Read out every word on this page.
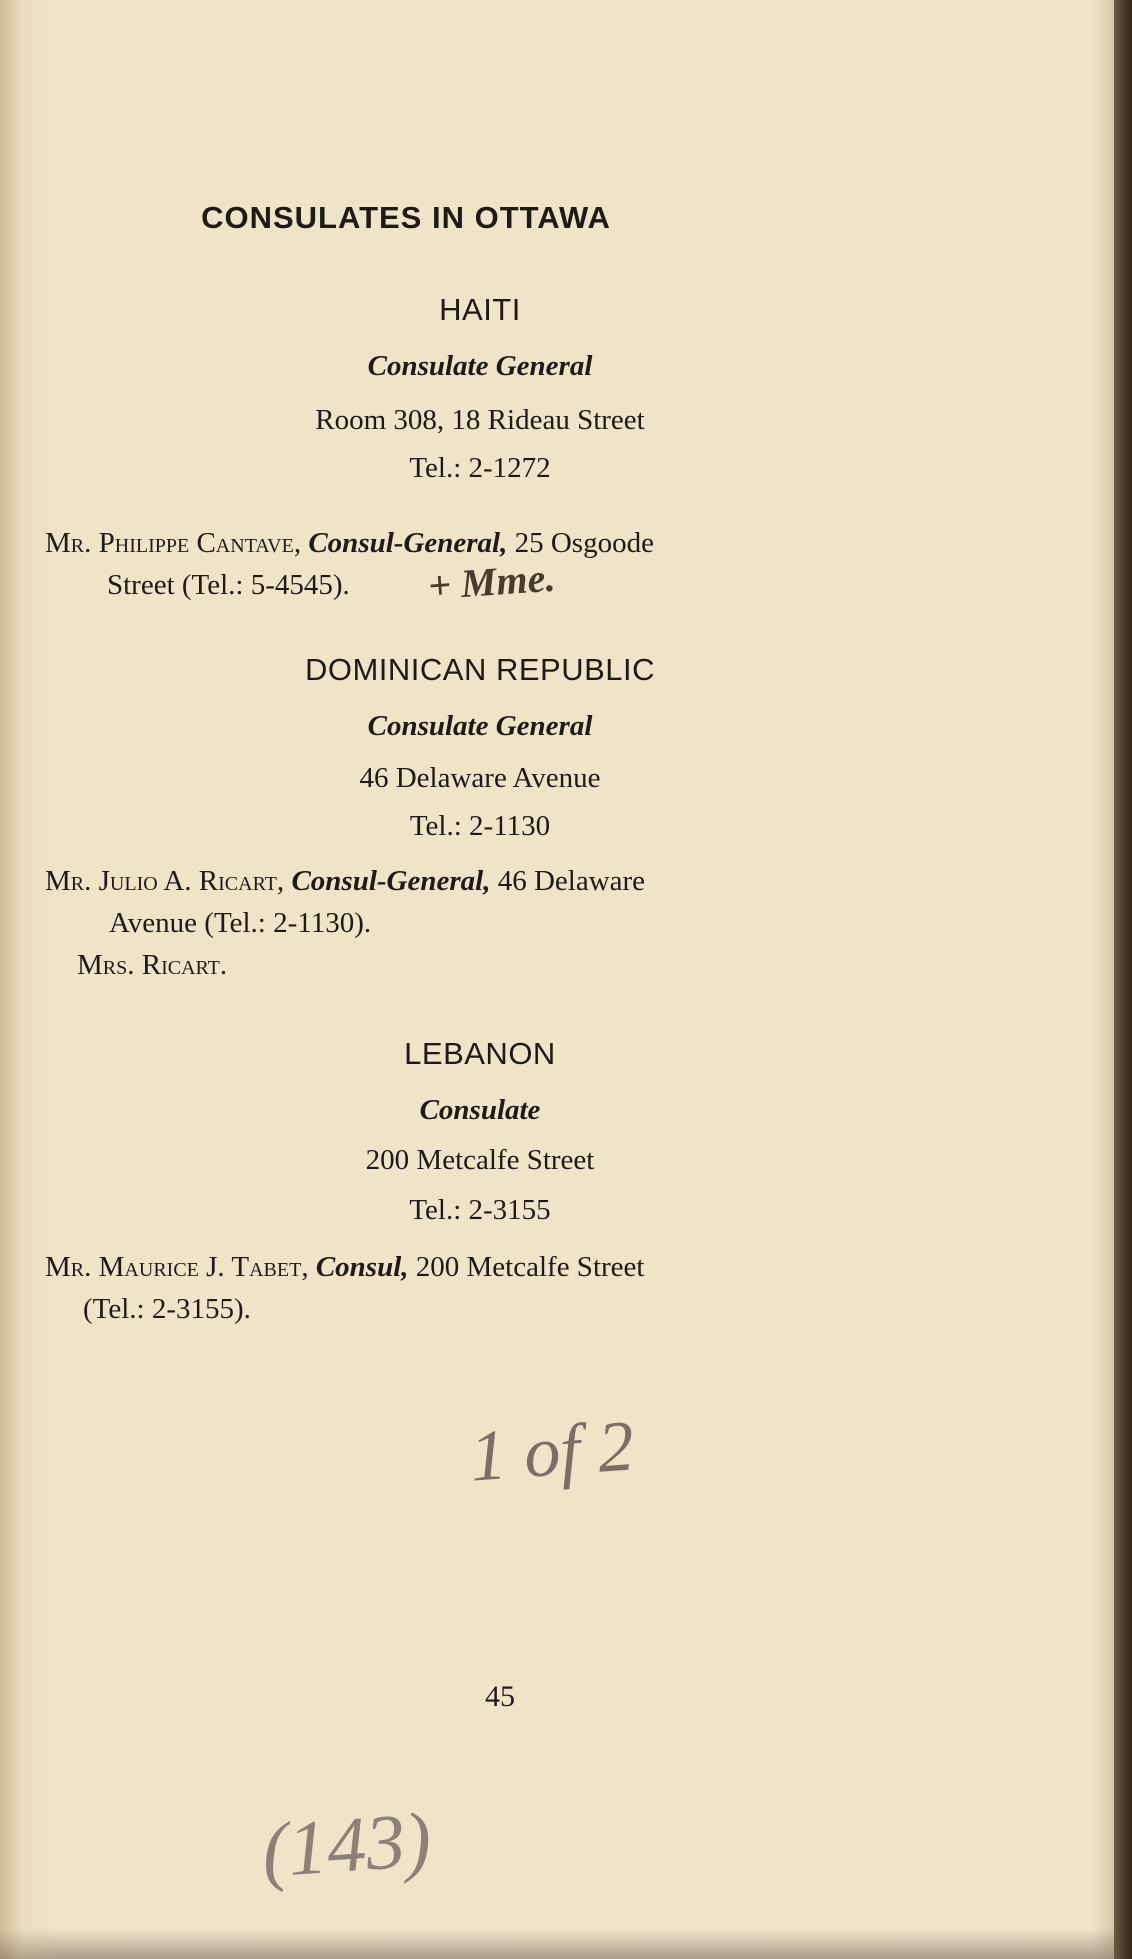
CONSULATES IN OTTAWA
HAITI
Consulate General
Room 308, 18 Rideau Street
Tel.: 2-1272
Mr. Philippe Cantave, Consul-General, 25 Osgoode
Street (Tel.: 5-4545).	+ Mme.
DOMINICAN REPUBLIC
Consulate General
46 Delaware Avenue
Tel.: 2-1130
Mr. Julio A. Ricart, Consul-General, 46 Delaware
Avenue (Tel.: 2-1130).
Mrs. Ricart.
LEBANON
Consulate
200 Metcalfe Street
Tel.: 2-3155
Mr. Maurice J. Tabet, Consul, 200 Metcalfe Street
(Tel.: 2-3155).
1 of 2
45
(143)
